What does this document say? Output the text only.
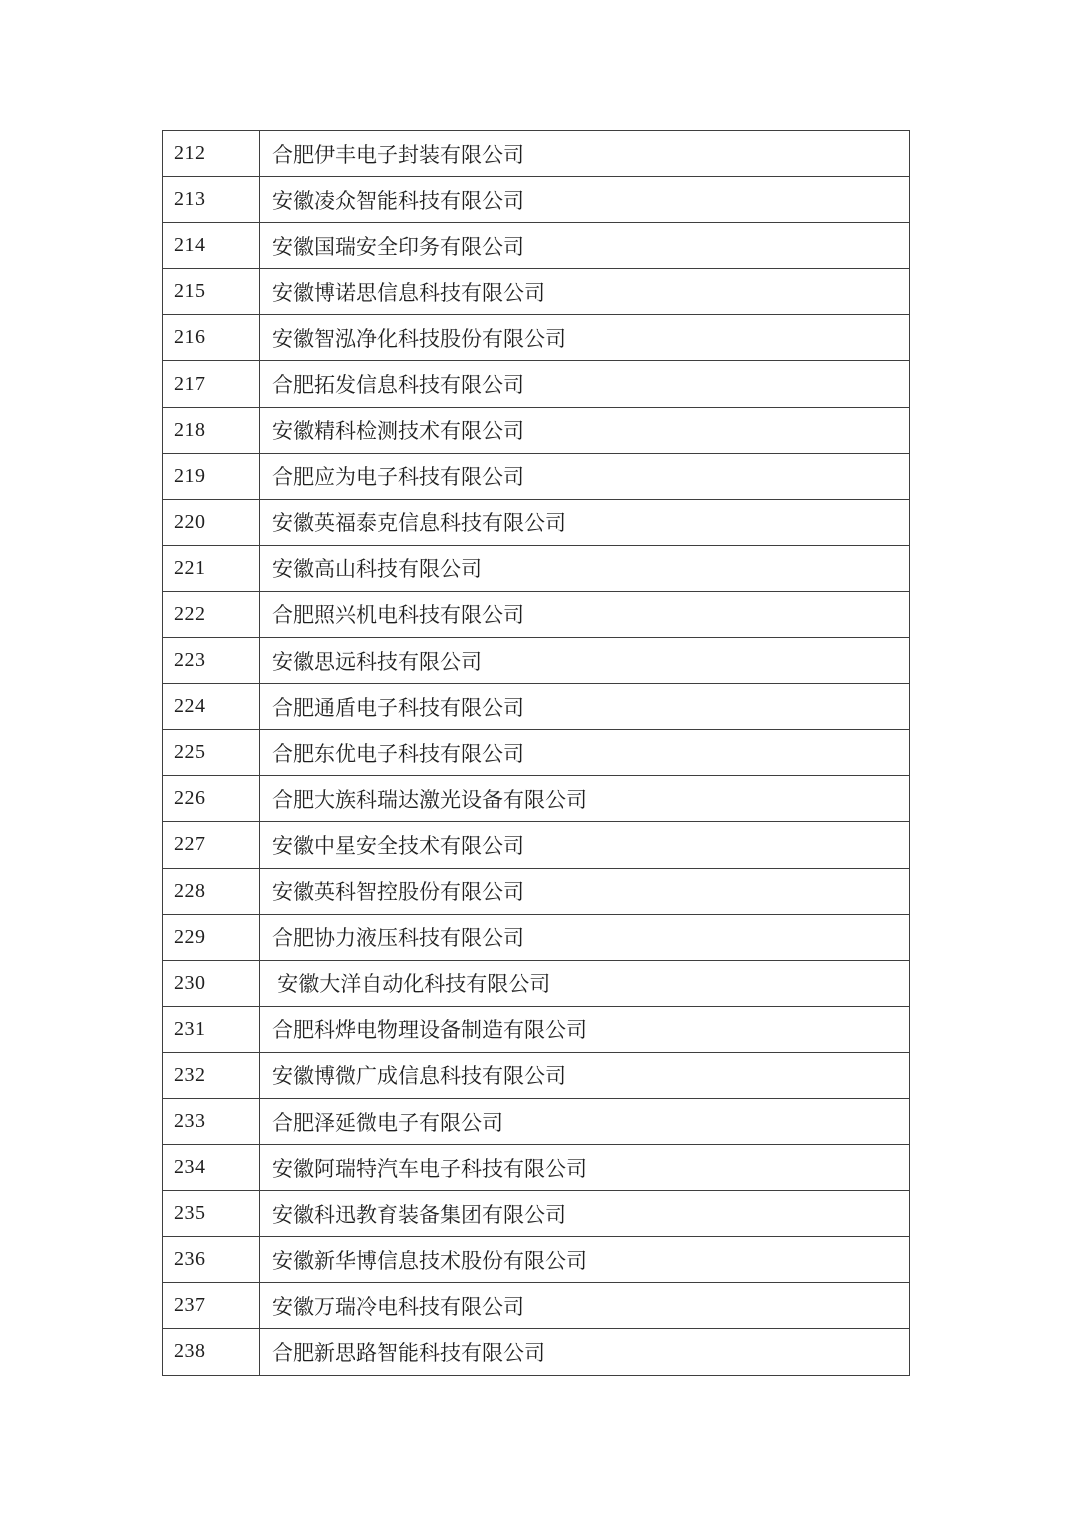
212	合肥伊丰电子封装有限公司
213	安徽凌众智能科技有限公司
214	安徽国瑞安全印务有限公司
215	安徽博诺思信息科技有限公司
216	安徽智泓净化科技股份有限公司
217	合肥拓发信息科技有限公司
218	安徽精科检测技术有限公司
219	合肥应为电子科技有限公司
220	安徽英福泰克信息科技有限公司
221	安徽高山科技有限公司
222	合肥照兴机电科技有限公司
223	安徽思远科技有限公司
224	合肥通盾电子科技有限公司
225	合肥东优电子科技有限公司
226	合肥大族科瑞达激光设备有限公司
227	安徽中星安全技术有限公司
228	安徽英科智控股份有限公司
229	合肥协力液压科技有限公司
230	安徽大洋自动化科技有限公司
231	合肥科烨电物理设备制造有限公司
232	安徽博微广成信息科技有限公司
233	合肥泽延微电子有限公司
234	安徽阿瑞特汽车电子科技有限公司
235	安徽科迅教育装备集团有限公司
236	安徽新华博信息技术股份有限公司
237	安徽万瑞冷电科技有限公司
238	合肥新思路智能科技有限公司
